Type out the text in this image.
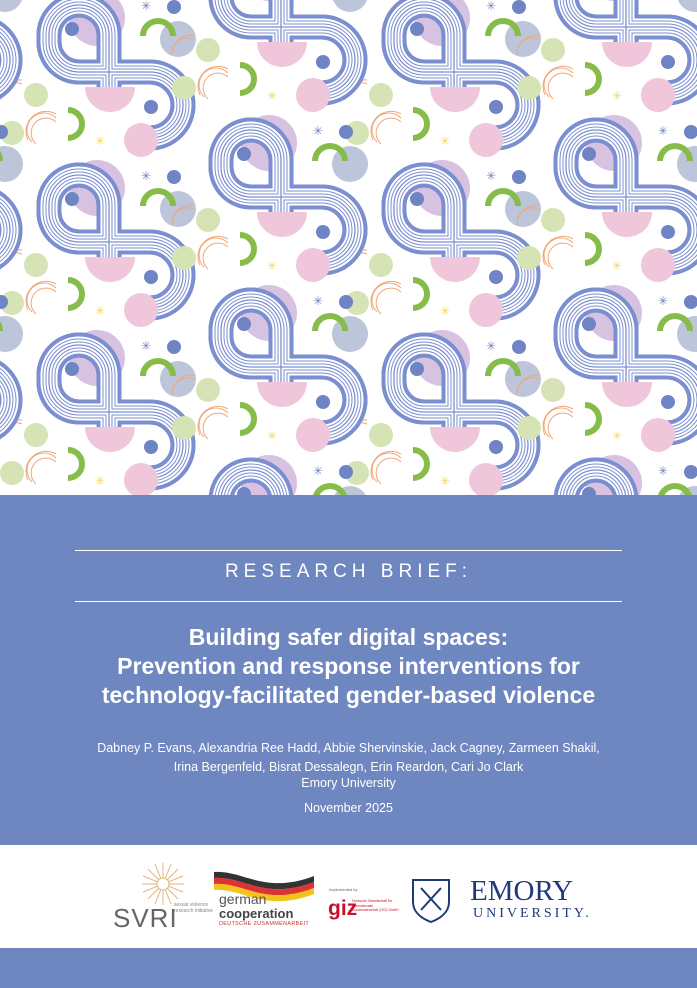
RESEARCH BRIEF:
Building safer digital spaces:
Prevention and response interventions for
technology-facilitated gender-based violence
Dabney P. Evans, Alexandria Ree Hadd, Abbie Shervinskie, Jack Cagney, Zarmeen Shakil,
Irina Bergenfeld, Bisrat Dessalegn, Erin Reardon, Cari Jo Clark
Emory University
November 2025
SVRI
sexual violence research initiative
german
cooperation
DEUTSCHE ZUSAMMENARBEIT
Implemented by
giz
Deutsche Gesellschaft für Internationale Zusammenarbeit (GIZ) GmbH
EMORY
UNIVERSITY.
